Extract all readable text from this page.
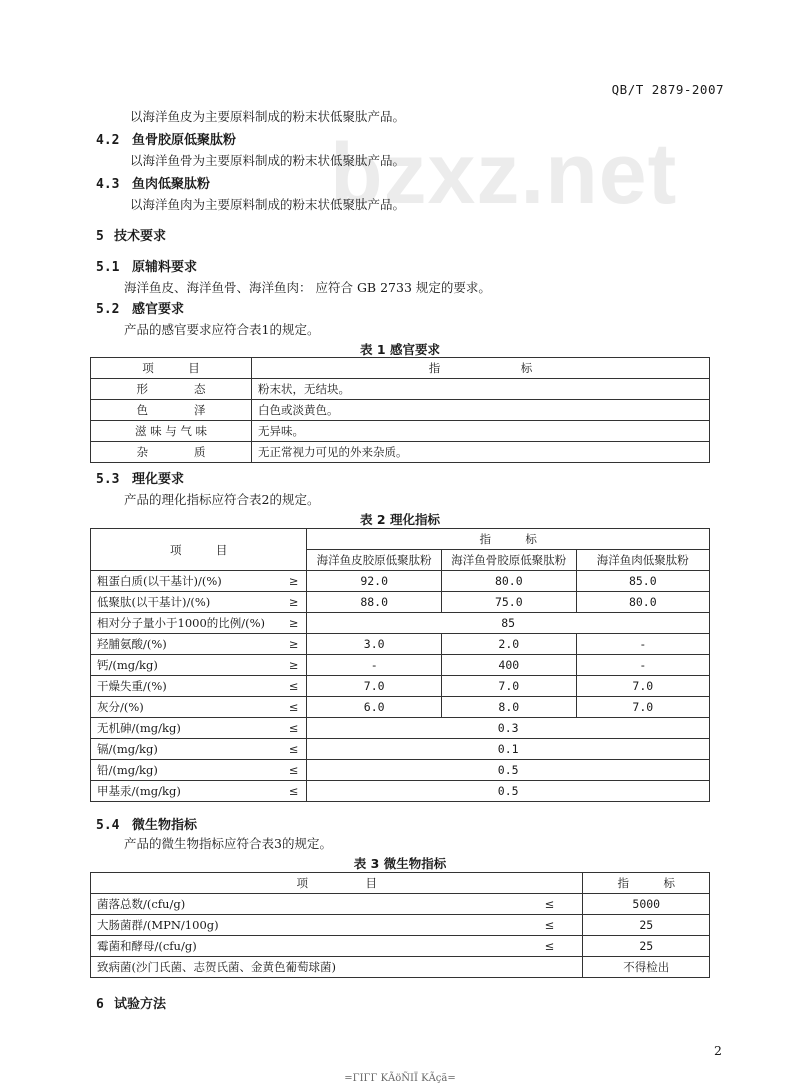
bzxz.net
QB/T 2879-2007
以海洋鱼皮为主要原料制成的粉末状低聚肽产品。
4.2 鱼骨胶原低聚肽粉
以海洋鱼骨为主要原料制成的粉末状低聚肽产品。
4.3 鱼肉低聚肽粉
以海洋鱼肉为主要原料制成的粉末状低聚肽产品。
5 技术要求
5.1 原辅料要求
海洋鱼皮、海洋鱼骨、海洋鱼肉： 应符合 GB 2733 规定的要求。
5.2 感官要求
产品的感官要求应符合表1的规定。
表 1 感官要求
项　　　目	指　　　　　　　标
形　　　　态	粉末状，无结块。
色　　　　泽	白色或淡黄色。
滋 味 与 气 味	无异味。
杂　　　　质	无正常视力可见的外来杂质。
5.3 理化要求
产品的理化指标应符合表2的规定。
表 2 理化指标
项　　　目		指　　　标		
		海洋鱼皮胶原低聚肽粉	海洋鱼骨胶原低聚肽粉	海洋鱼肉低聚肽粉
粗蛋白质(以干基计)/(%)	≥	92.0	80.0	85.0
低聚肽(以干基计)/(%)	≥	88.0	75.0	80.0
相对分子量小于1000的比例/(%)	≥	85		
羟脯氨酸/(%)	≥	3.0	2.0	-
钙/(mg/kg)	≥	-	400	-
干燥失重/(%)	≤	7.0	7.0	7.0
灰分/(%)	≤	6.0	8.0	7.0
无机砷/(mg/kg)	≤	0.3		
镉/(mg/kg)	≤	0.1		
铅/(mg/kg)	≤	0.5		
甲基汞/(mg/kg)	≤	0.5		
5.4 微生物指标
产品的微生物指标应符合表3的规定。
表 3 微生物指标
项　　　　　目		指　　　标
菌落总数/(cfu/g)	≤	5000
大肠菌群/(MPN/100g)	≤	25
霉菌和酵母/(cfu/g)	≤	25
致病菌(沙门氏菌、志贺氏菌、金黄色葡萄球菌)		不得检出
6 试验方法
2
=ΓΙΓΓ ΚÃöÑΙÏ ΚÃçã=
